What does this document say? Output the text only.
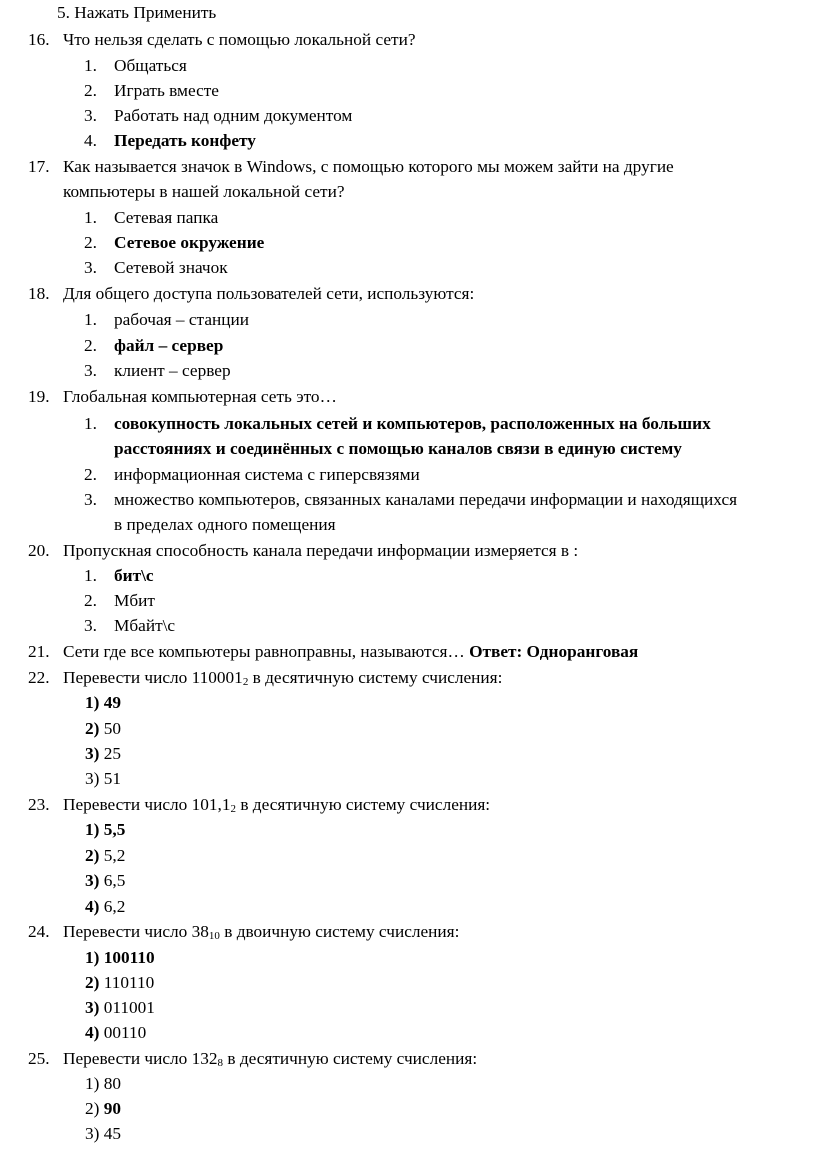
5. Нажать Применить
16. Что нельзя сделать с помощью локальной сети?
1. Общаться
2. Играть вместе
3. Работать над одним документом
4. Передать конфету
17. Как называется значок в Windows, с помощью которого мы можем зайти на другие
компьютеры в нашей локальной сети?
1. Сетевая папка
2. Сетевое окружение
3. Сетевой значок
18. Для общего доступа пользователей сети, используются:
1. рабочая – станции
2. файл – сервер
3. клиент – сервер
19. Глобальная компьютерная сеть это…
1. совокупность локальных сетей и компьютеров, расположенных на больших
расстояниях и соединённых с помощью каналов связи в единую систему
2. информационная система с гиперсвязями
3. множество компьютеров, связанных каналами передачи информации и находящихся
в пределах одного помещения
20. Пропускная способность канала передачи информации измеряется в :
1. бит\с
2. Мбит
3. Мбайт\с
21. Сети где все компьютеры равноправны, называются… Ответ: Одноранговая
22. Перевести число $110001_2$ в десятичную систему счисления:
1) 49
2) 50
3) 25
3) 51
23. Перевести число $101,1_2$ в десятичную систему счисления:
1) 5,5
2) 5,2
3) 6,5
4) 6,2
24. Перевести число $38_{10}$ в двоичную систему счисления:
1) 100110
2) 110110
3) 011001
4) 00110
25. Перевести число $132_8$ в десятичную систему счисления:
1) 80
2) 90
3) 45
